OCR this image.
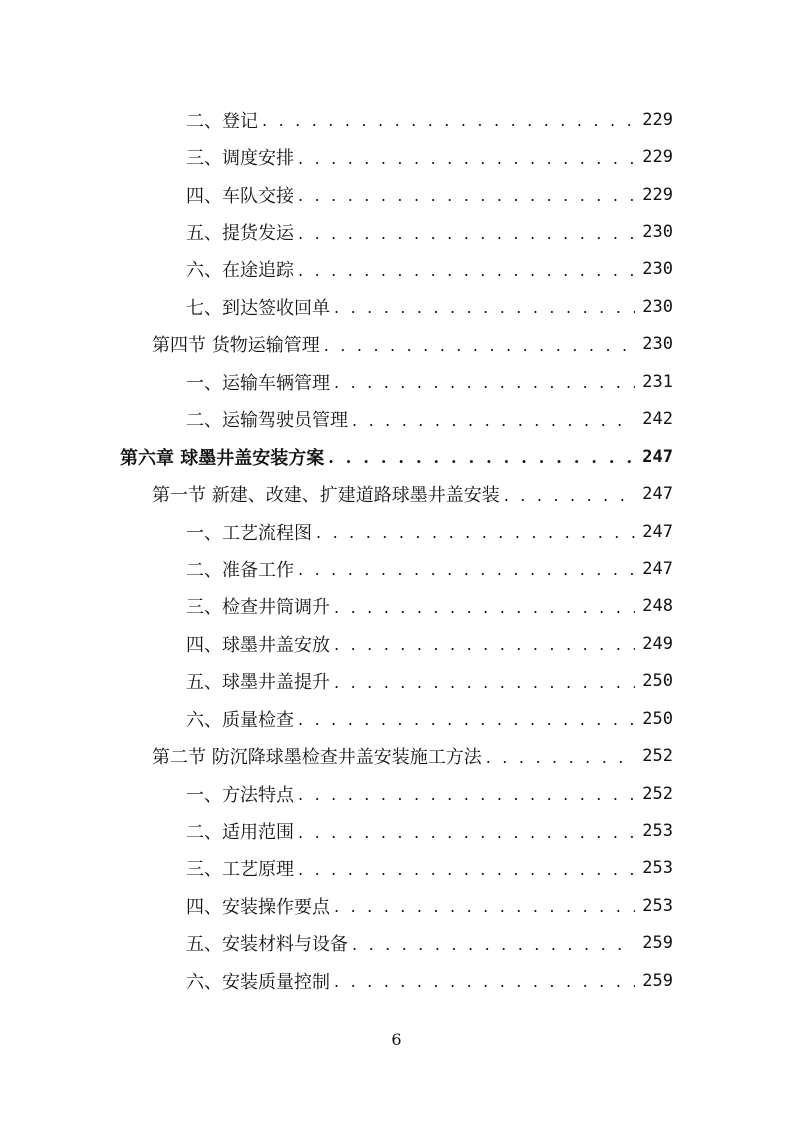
二、登记 . . .	229
三、调度安排 . . .	229
四、车队交接 . . .	229
五、提货发运 . . .	230
六、在途追踪 . . .	230
七、到达签收回单 . . .	230
第四节 货物运输管理 . . .	230
一、运输车辆管理 . . .	231
二、运输驾驶员管理 . . .	242
第六章 球墨井盖安装方案 . . .	247
第一节 新建、改建、扩建道路球墨井盖安装 . . .	247
一、工艺流程图 . . .	247
二、准备工作 . . .	247
三、检查井筒调升 . . .	248
四、球墨井盖安放 . . .	249
五、球墨井盖提升 . . .	250
六、质量检查 . . .	250
第二节 防沉降球墨检查井盖安装施工方法 . . .	252
一、方法特点 . . .	252
二、适用范围 . . .	253
三、工艺原理 . . .	253
四、安装操作要点 . . .	253
五、安装材料与设备 . . .	259
六、安装质量控制 . . .	259
6
